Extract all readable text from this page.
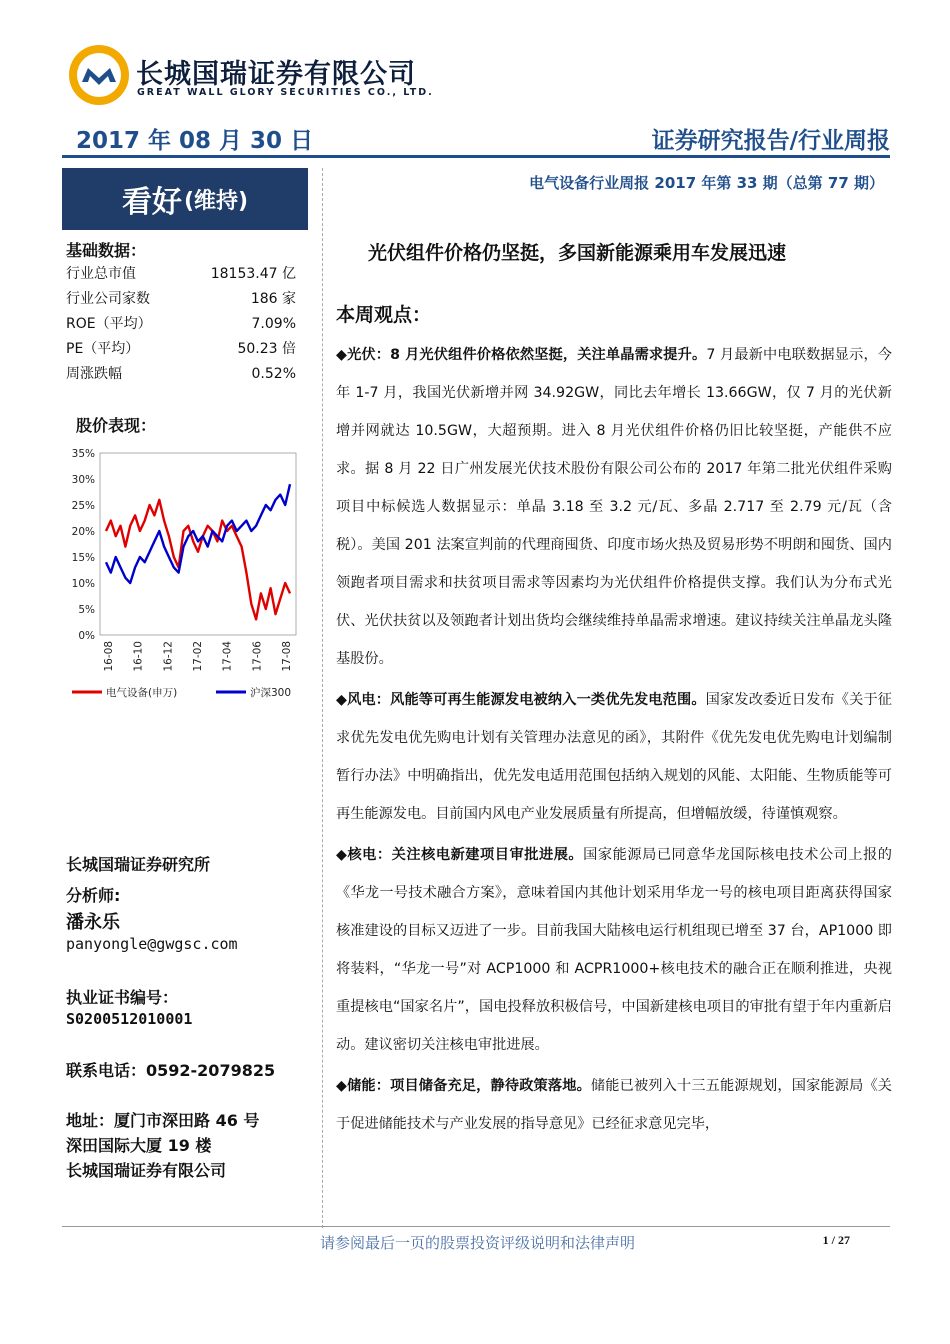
长城国瑞证券有限公司
GREAT WALL GLORY SECURITIES CO., LTD.
2017 年 08 月 30 日	证券研究报告/行业周报
看好 (维持)
电气设备行业周报 2017 年第 33 期（总第 77 期）
基础数据：
行业总市值	18153.47 亿
行业公司家数	186 家
ROE（平均）	7.09%
PE（平均）	50.23 倍
周涨跌幅	0.52%
股价表现：
35%
30%
25%
20%
15%
10%
5%
0%
16-08 16-10 16-12 17-02 17-04 17-06 17-08
电气设备(申万)	沪深300
长城国瑞证券研究所
分析师:
潘永乐
panyongle@gwgsc.com
执业证书编号：
S0200512010001
联系电话：0592-2079825
地址：厦门市深田路 46 号
深田国际大厦 19 楼
长城国瑞证券有限公司
光伏组件价格仍坚挺，多国新能源乘用车发展迅速
本周观点：

◆光伏：8 月光伏组件价格依然坚挺，关注单晶需求提升。7 月最新中电联数据显示，今年 1-7 月，我国光伏新增并网 34.92GW，同比去年增长 13.66GW，仅 7 月的光伏新增并网就达 10.5GW，大超预期。进入 8 月光伏组件价格仍旧比较坚挺，产能供不应求。据 8 月 22 日广州发展光伏技术股份有限公司公布的 2017 年第二批光伏组件采购项目中标候选人数据显示：单晶 3.18 至 3.2 元/瓦、多晶 2.717 至 2.79 元/瓦（含税）。美国 201 法案宣判前的代理商囤货、印度市场火热及贸易形势不明朗和囤货、国内领跑者项目需求和扶贫项目需求等因素均为光伏组件价格提供支撑。我们认为分布式光伏、光伏扶贫以及领跑者计划出货均会继续维持单晶需求增速。建议持续关注单晶龙头隆基股份。

◆风电：风能等可再生能源发电被纳入一类优先发电范围。国家发改委近日发布《关于征求优先发电优先购电计划有关管理办法意见的函》，其附件《优先发电优先购电计划编制暂行办法》中明确指出，优先发电适用范围包括纳入规划的风能、太阳能、生物质能等可再生能源发电。目前国内风电产业发展质量有所提高，但增幅放缓，待谨慎观察。

◆核电：关注核电新建项目审批进展。国家能源局已同意华龙国际核电技术公司上报的《华龙一号技术融合方案》，意味着国内其他计划采用华龙一号的核电项目距离获得国家核准建设的目标又迈进了一步。目前我国大陆核电运行机组现已增至 37 台，AP1000 即将装料，“华龙一号”对 ACP1000 和 ACPR1000+核电技术的融合正在顺利推进，央视重提核电“国家名片”，国电投释放积极信号，中国新建核电项目的审批有望于年内重新启动。建议密切关注核电审批进展。

◆储能：项目储备充足，静待政策落地。储能已被列入十三五能源规划，国家能源局《关于促进储能技术与产业发展的指导意见》已经征求意见完毕，

请参阅最后一页的股票投资评级说明和法律声明	1 / 27
